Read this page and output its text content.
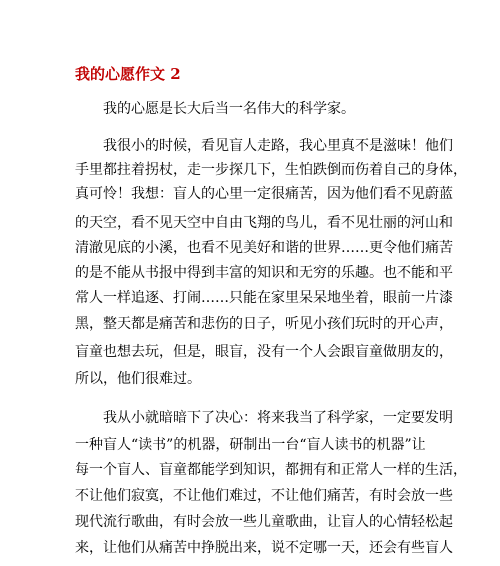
我的心愿作文 2

　　我的心愿是长大后当一名伟大的科学家。

　　我很小的时候，看见盲人走路，我心里真不是滋味！他们

手里都拄着拐杖，走一步探几下，生怕跌倒而伤着自己的身体，

真可怜！我想：盲人的心里一定很痛苦，因为他们看不见蔚蓝

的天空，看不见天空中自由飞翔的鸟儿，看不见壮丽的河山和

清澈见底的小溪，也看不见美好和谐的世界……更令他们痛苦

的是不能从书报中得到丰富的知识和无穷的乐趣。也不能和平

常人一样追逐、打闹……只能在家里呆呆地坐着，眼前一片漆

黑，整天都是痛苦和悲伤的日子，听见小孩们玩时的开心声，

盲童也想去玩，但是，眼盲，没有一个人会跟盲童做朋友的，

所以，他们很难过。

　　我从小就暗暗下了决心：将来我当了科学家，一定要发明

一种盲人“读书”的机器，研制出一台“盲人读书的机器”让

每一个盲人、盲童都能学到知识，都拥有和正常人一样的生活，

不让他们寂寞，不让他们难过，不让他们痛苦，有时会放一些

现代流行歌曲，有时会放一些儿童歌曲，让盲人的心情轻松起

来，让他们从痛苦中挣脱出来，说不定哪一天，还会有些盲人
